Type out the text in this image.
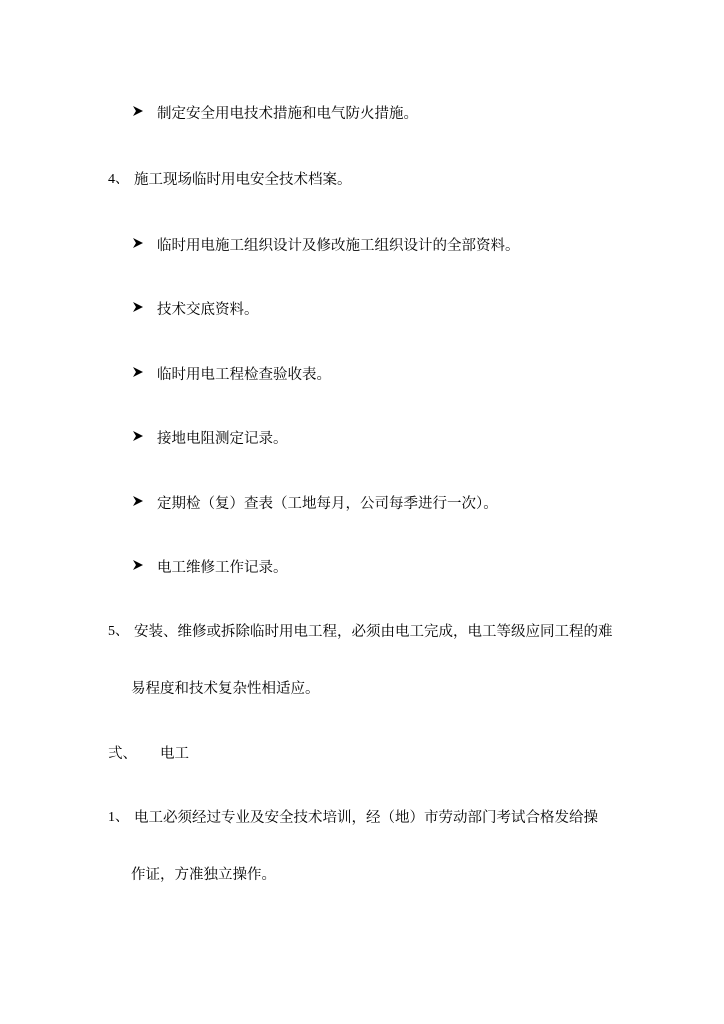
制定安全用电技术措施和电气防火措施。
4、 施工现场临时用电安全技术档案。
临时用电施工组织设计及修改施工组织设计的全部资料。
技术交底资料。
临时用电工程检查验收表。
接地电阻测定记录。
定期检（复）查表（工地每月，公司每季进行一次）。
电工维修工作记录。
5、 安装、维修或拆除临时用电工程，必须由电工完成，电工等级应同工程的难
易程度和技术复杂性相适应。
弍、 电工
1、 电工必须经过专业及安全技术培训，经（地）市劳动部门考试合格发给操
作证，方准独立操作。
